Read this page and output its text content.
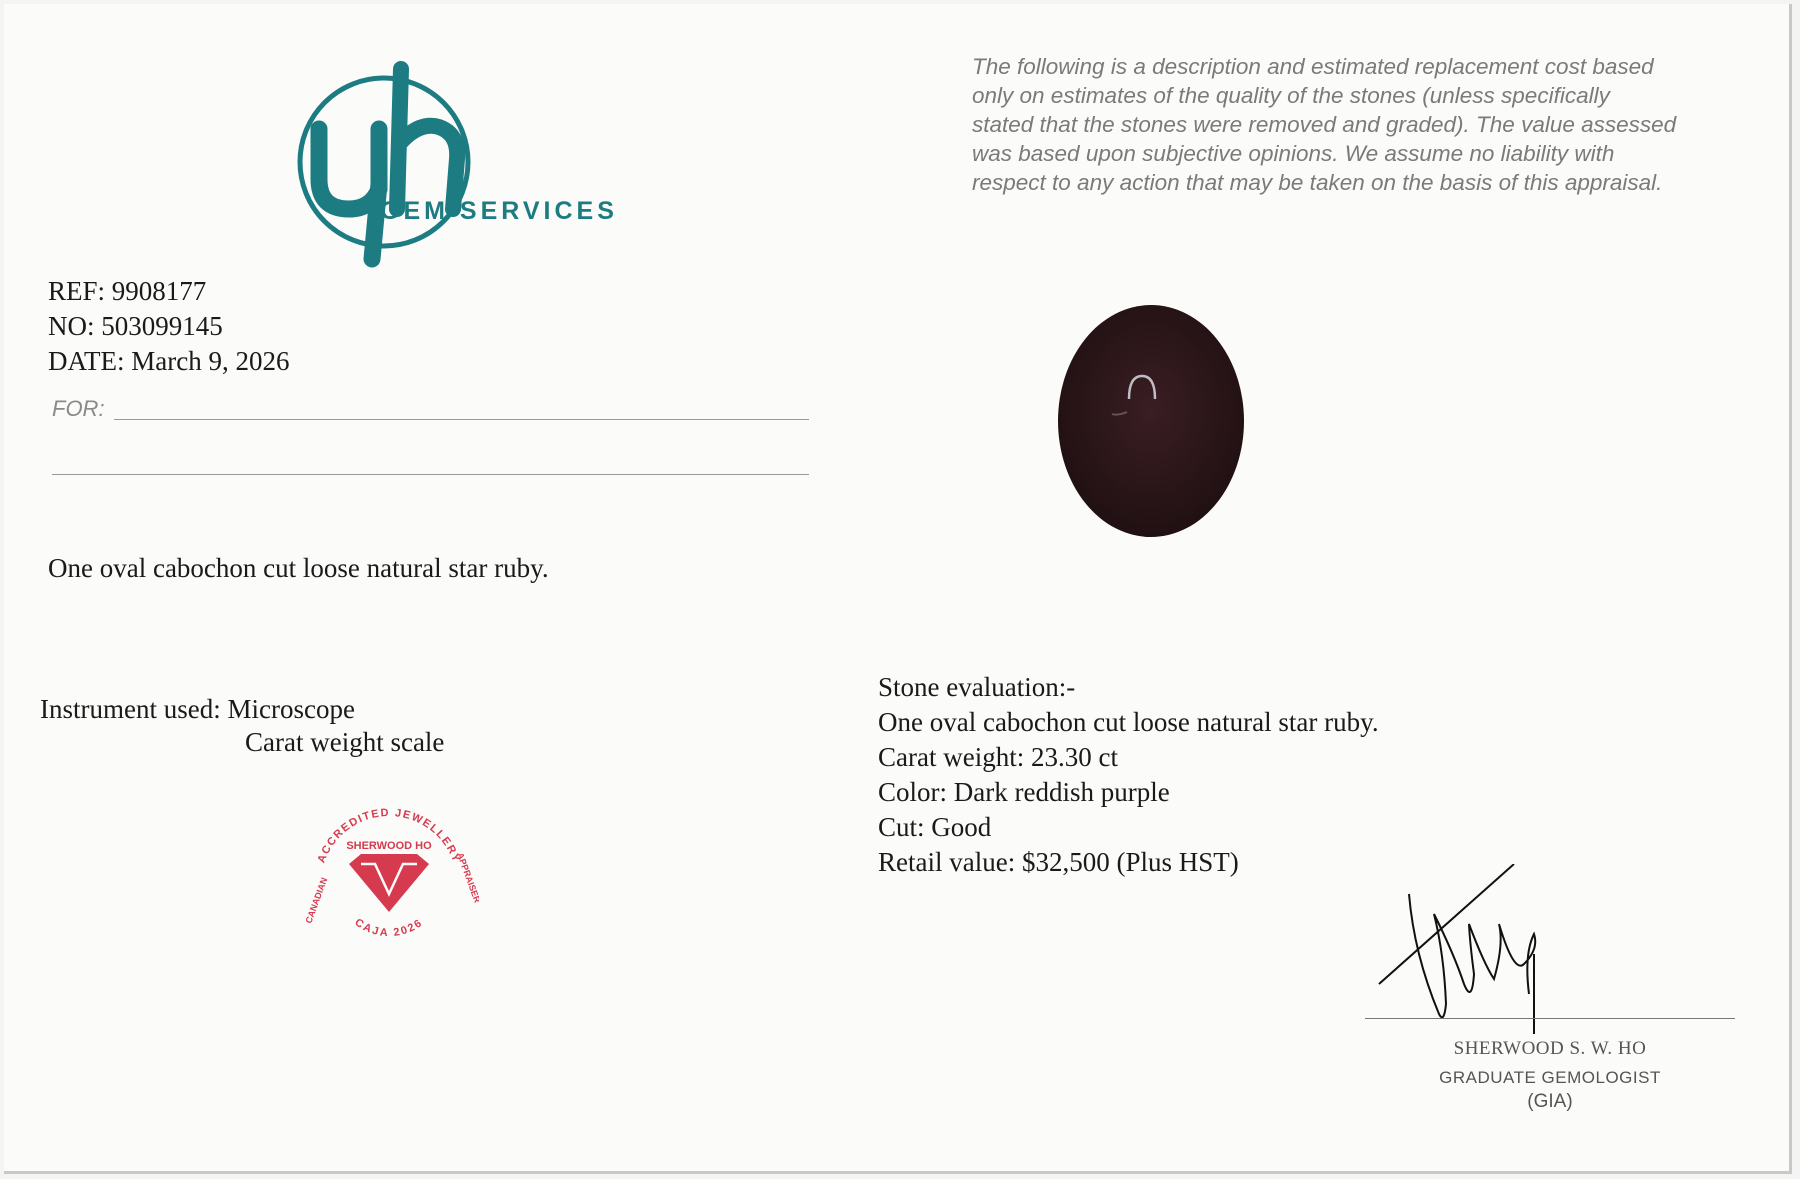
GEM SERVICES
The following is a description and estimated replacement cost based
only on estimates of the quality of the stones (unless specifically
stated that the stones were removed and graded). The value assessed
was based upon subjective opinions. We assume no liability with
respect to any action that may be taken on the basis of this appraisal.
REF: 9908177
NO: 503099145
DATE: March 9, 2026
FOR:
One oval cabochon cut loose natural star ruby.
Instrument used: Microscope
Carat weight scale
ACCREDITED JEWELLERY
SHERWOOD HO
CAJA 2026
CANADIAN	APPRAISER
Stone evaluation:-
One oval cabochon cut loose natural star ruby.
Carat weight: 23.30 ct
Color: Dark reddish purple
Cut: Good
Retail value: $32,500 (Plus HST)
SHERWOOD S. W. HO
GRADUATE GEMOLOGIST
(GIA)
